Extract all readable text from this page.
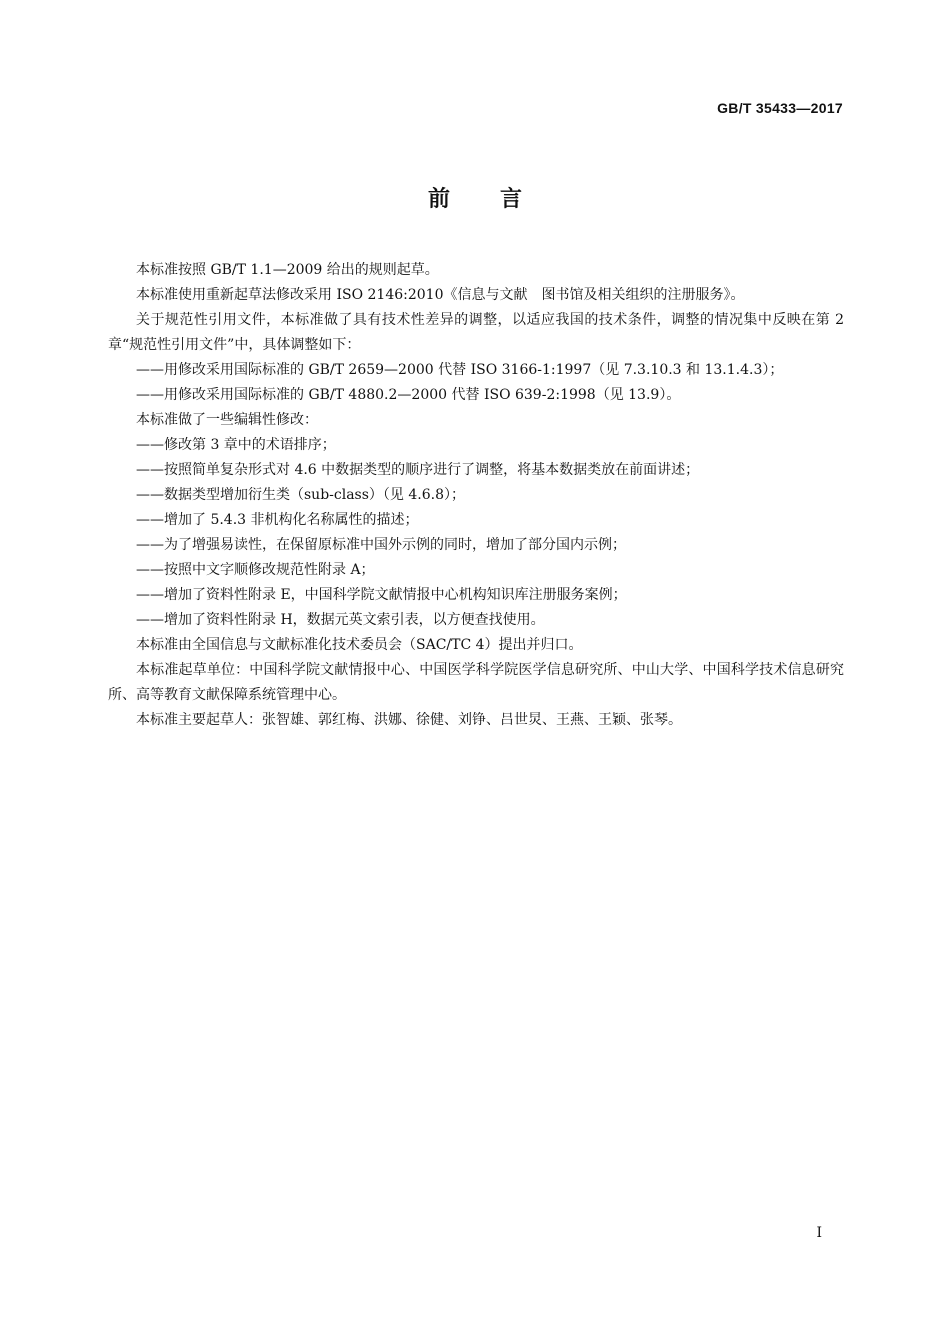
GB/T 35433—2017
前言

本标准按照 GB/T 1.1—2009 给出的规则起草。

本标准使用重新起草法修改采用 ISO 2146:2010《信息与文献　图书馆及相关组织的注册服务》。

关于规范性引用文件，本标准做了具有技术性差异的调整，以适应我国的技术条件，调整的情况集中反映在第 2 章“规范性引用文件”中，具体调整如下：

——用修改采用国际标准的 GB/T 2659—2000 代替 ISO 3166-1:1997（见 7.3.10.3 和 13.1.4.3）；

——用修改采用国际标准的 GB/T 4880.2—2000 代替 ISO 639-2:1998（见 13.9）。

本标准做了一些编辑性修改：

——修改第 3 章中的术语排序；

——按照简单复杂形式对 4.6 中数据类型的顺序进行了调整，将基本数据类放在前面讲述；

——数据类型增加衍生类（sub-class）（见 4.6.8）；

——增加了 5.4.3 非机构化名称属性的描述；

——为了增强易读性，在保留原标准中国外示例的同时，增加了部分国内示例；

——按照中文字顺修改规范性附录 A；

——增加了资料性附录 E，中国科学院文献情报中心机构知识库注册服务案例；

——增加了资料性附录 H，数据元英文索引表，以方便查找使用。

本标准由全国信息与文献标准化技术委员会（SAC/TC 4）提出并归口。

本标准起草单位：中国科学院文献情报中心、中国医学科学院医学信息研究所、中山大学、中国科学技术信息研究所、高等教育文献保障系统管理中心。

本标准主要起草人：张智雄、郭红梅、洪娜、徐健、刘铮、吕世炅、王燕、王颖、张琴。

I
